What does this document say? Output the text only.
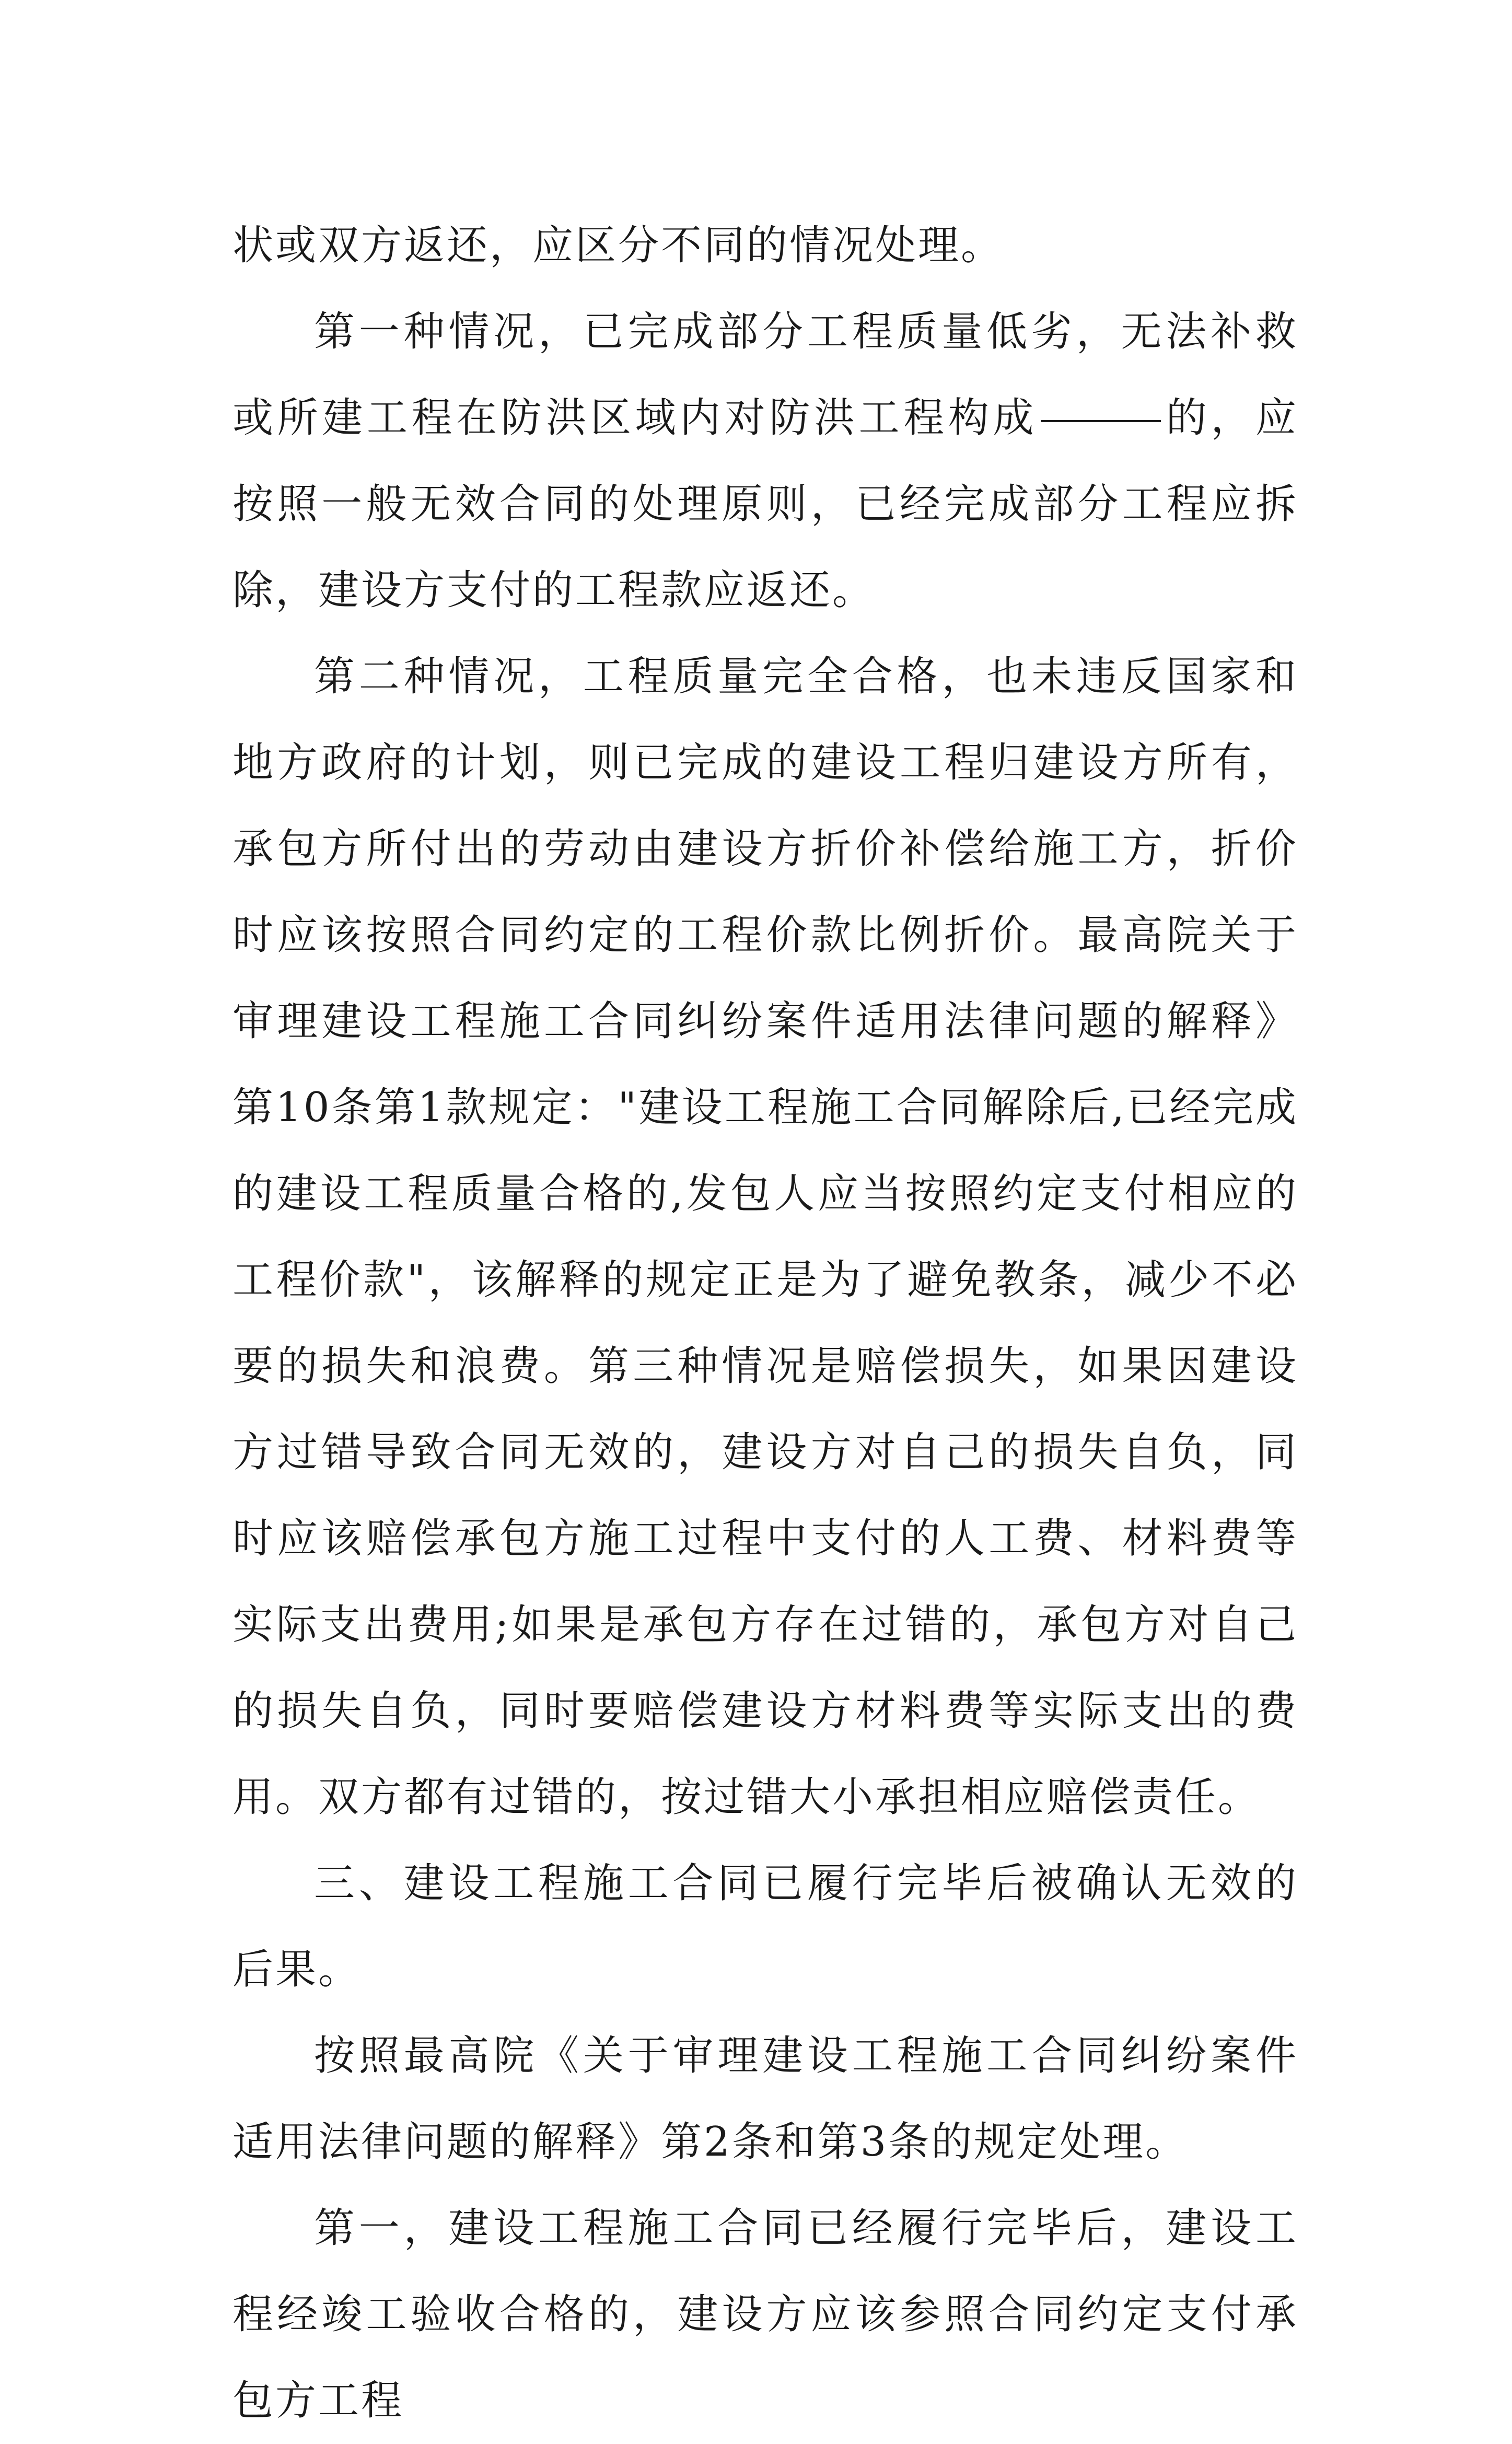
状或双方返还，应区分不同的情况处理。

第一种情况，已完成部分工程质量低劣，无法补救或所建工程在防洪区域内对防洪工程构成	的，应按照一般无效合同的处理原则，已经完成部分工程应拆除，建设方支付的工程款应返还。

第二种情况，工程质量完全合格，也未违反国家和地方政府的计划，则已完成的建设工程归建设方所有，承包方所付出的劳动由建设方折价补偿给施工方，折价时应该按照合同约定的工程价款比例折价。最高院关于审理建设工程施工合同纠纷案件适用法律问题的解释》第10条第1款规定："建设工程施工合同解除后,已经完成的建设工程质量合格的,发包人应当按照约定支付相应的工程价款"，该解释的规定正是为了避免教条，减少不必要的损失和浪费。第三种情况是赔偿损失，如果因建设方过错导致合同无效的，建设方对自己的损失自负，同时应该赔偿承包方施工过程中支付的人工费、材料费等实际支出费用;如果是承包方存在过错的，承包方对自己的损失自负，同时要赔偿建设方材料费等实际支出的费用。双方都有过错的，按过错大小承担相应赔偿责任。

三、建设工程施工合同已履行完毕后被确认无效的后果。

按照最高院《关于审理建设工程施工合同纠纷案件适用法律问题的解释》第2条和第3条的规定处理。

第一，建设工程施工合同已经履行完毕后，建设工程经竣工验收合格的，建设方应该参照合同约定支付承包方工程
